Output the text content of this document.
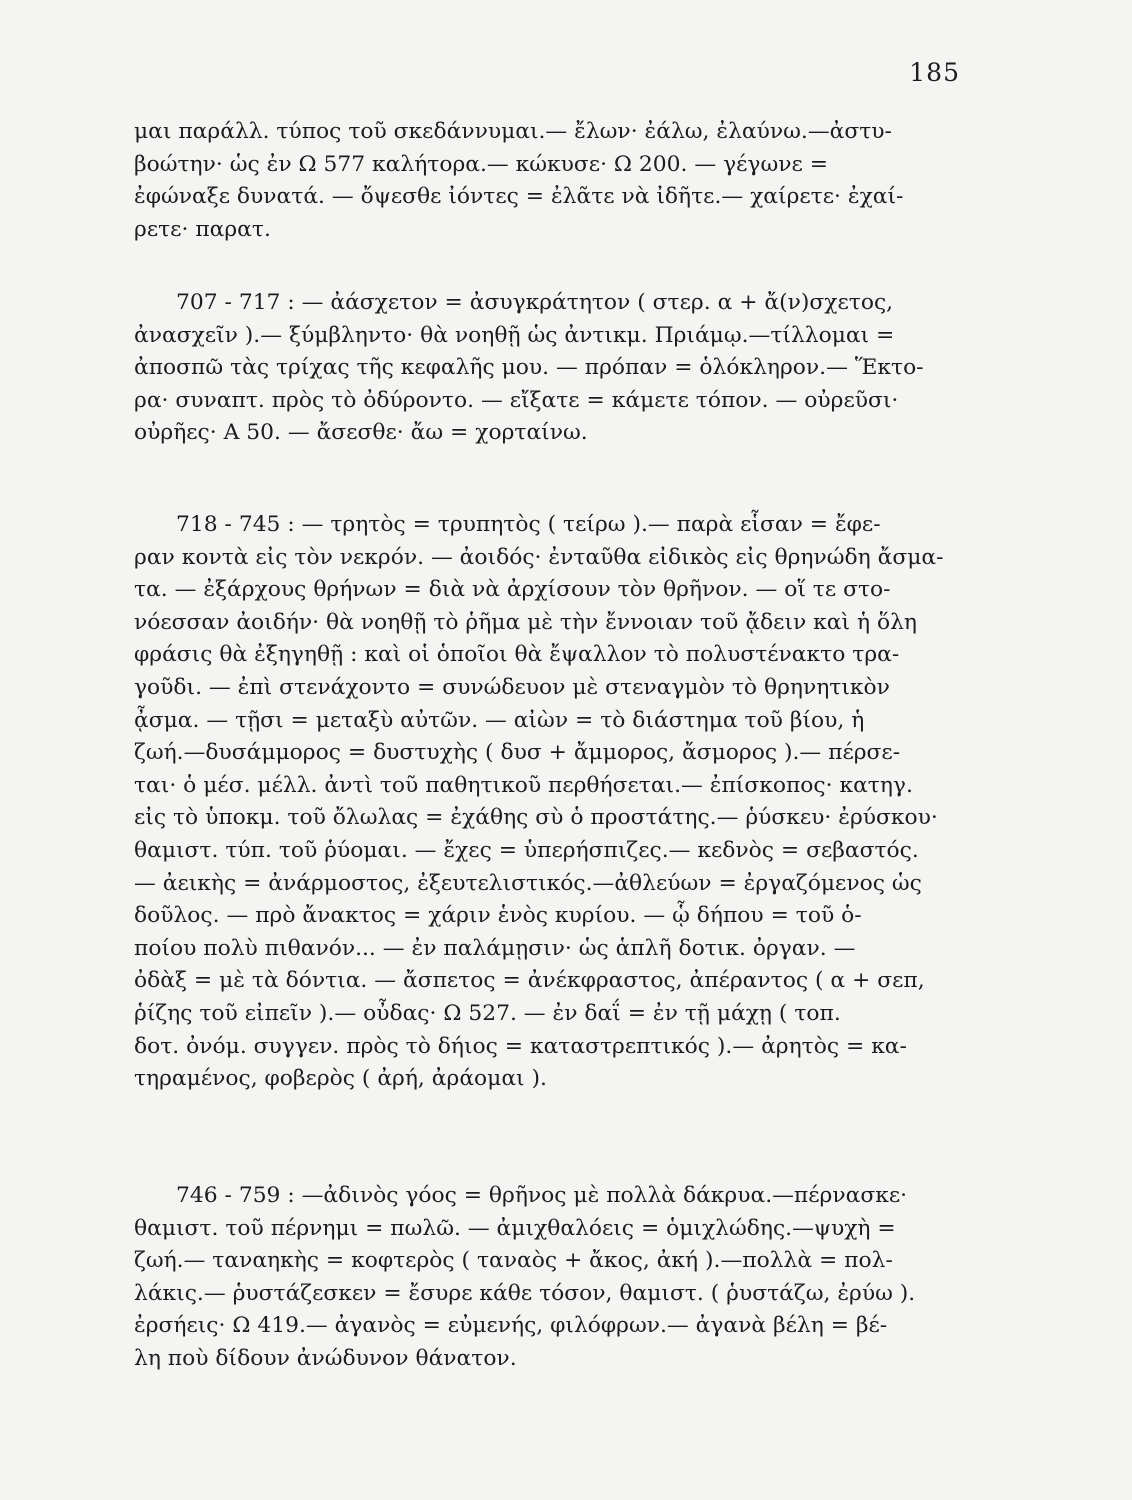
185
μαι παράλλ. τύπος τοῦ σκεδάννυμαι.— ἔλων· ἐάλω, ἐλαύνω.—ἀστυ-
βοώτην· ὡς ἐν Ω 577 καλήτορα.— κώκυσε· Ω 200. — γέγωνε =
ἐφώναξε δυνατά. — ὄψεσθε ἰόντες = ἐλᾶτε νὰ ἰδῆτε.— χαίρετε· ἐχαί-
ρετε· παρατ.
707 - 717 : — ἀάσχετον = ἀσυγκράτητον ( στερ. α + ἄ(ν)σχετος,
ἀνασχεῖν ).— ξύμβληντο· θὰ νοηθῇ ὡς ἀντικμ. Πριάμῳ.—τίλλομαι =
ἀποσπῶ τὰς τρίχας τῆς κεφαλῆς μου. — πρόπαν = ὁλόκληρον.— Ἕκτο-
ρα· συναπτ. πρὸς τὸ ὀδύροντο. — εἴξατε = κάμετε τόπον. — οὐρεῦσι·
οὐρῆες· Α 50. — ἄσεσθε· ἄω = χορταίνω.
718 - 745 : — τρητὸς = τρυπητὸς ( τείρω ).— παρὰ εἷσαν = ἔφε-
ραν κοντὰ εἰς τὸν νεκρόν. — ἀοιδός· ἐνταῦθα εἰδικὸς εἰς θρηνώδη ἄσμα-
τα. — ἐξάρχους θρήνων = διὰ νὰ ἀρχίσουν τὸν θρῆνον. — οἵ τε στο-
νόεσσαν ἀοιδήν· θὰ νοηθῇ τὸ ῥῆμα μὲ τὴν ἔννοιαν τοῦ ᾄδειν καὶ ἡ ὅλη
φράσις θὰ ἐξηγηθῇ : καὶ οἱ ὁποῖοι θὰ ἔψαλλον τὸ πολυστένακτο τρα-
γοῦδι. — ἐπὶ στενάχοντο = συνώδευον μὲ στεναγμὸν τὸ θρηνητικὸν
ᾆσμα. — τῇσι = μεταξὺ αὐτῶν. — αἰὼν = τὸ διάστημα τοῦ βίου, ἡ
ζωή.—δυσάμμορος = δυστυχὴς ( δυσ + ἄμμορος, ἄσμορος ).— πέρσε-
ται· ὁ μέσ. μέλλ. ἀντὶ τοῦ παθητικοῦ περθήσεται.— ἐπίσκοπος· κατηγ.
εἰς τὸ ὑποκμ. τοῦ ὄλωλας = ἐχάθης σὺ ὁ προστάτης.— ῥύσκευ· ἐρύσκου·
θαμιστ. τύπ. τοῦ ῥύομαι. — ἔχες = ὑπερήσπιζες.— κεδνὸς = σεβαστός.
— ἀεικὴς = ἀνάρμοστος, ἐξευτελιστικός.—ἀθλεύων = ἐργαζόμενος ὡς
δοῦλος. — πρὸ ἄνακτος = χάριν ἑνὸς κυρίου. — ᾧ δήπου = τοῦ ὁ-
ποίου πολὺ πιθανόν... — ἐν παλάμῃσιν· ὡς ἁπλῆ δοτικ. ὀργαν. —
ὀδὰξ = μὲ τὰ δόντια. — ἄσπετος = ἀνέκφραστος, ἀπέραντος ( α + σεπ,
ῥίζης τοῦ εἰπεῖν ).— οὖδας· Ω 527. — ἐν δαΐ = ἐν τῇ μάχῃ ( τοπ.
δοτ. ὀνόμ. συγγεν. πρὸς τὸ δήιος = καταστρεπτικός ).— ἀρητὸς = κα-
τηραμένος, φοβερὸς ( ἀρή, ἀράομαι ).
746 - 759 : —ἀδινὸς γόος = θρῆνος μὲ πολλὰ δάκρυα.—πέρνασκε·
θαμιστ. τοῦ πέρνημι = πωλῶ. — ἀμιχθαλόεις = ὁμιχλώδης.—ψυχὴ =
ζωή.— ταναηκὴς = κοφτερὸς ( ταναὸς + ἄκος, ἀκή ).—πολλὰ = πολ-
λάκις.— ῥυστάζεσκεν = ἔσυρε κάθε τόσον, θαμιστ. ( ῥυστάζω, ἐρύω ).
ἐρσήεις· Ω 419.— ἀγανὸς = εὐμενής, φιλόφρων.— ἀγανὰ βέλη = βέ-
λη ποὺ δίδουν ἀνώδυνον θάνατον.
